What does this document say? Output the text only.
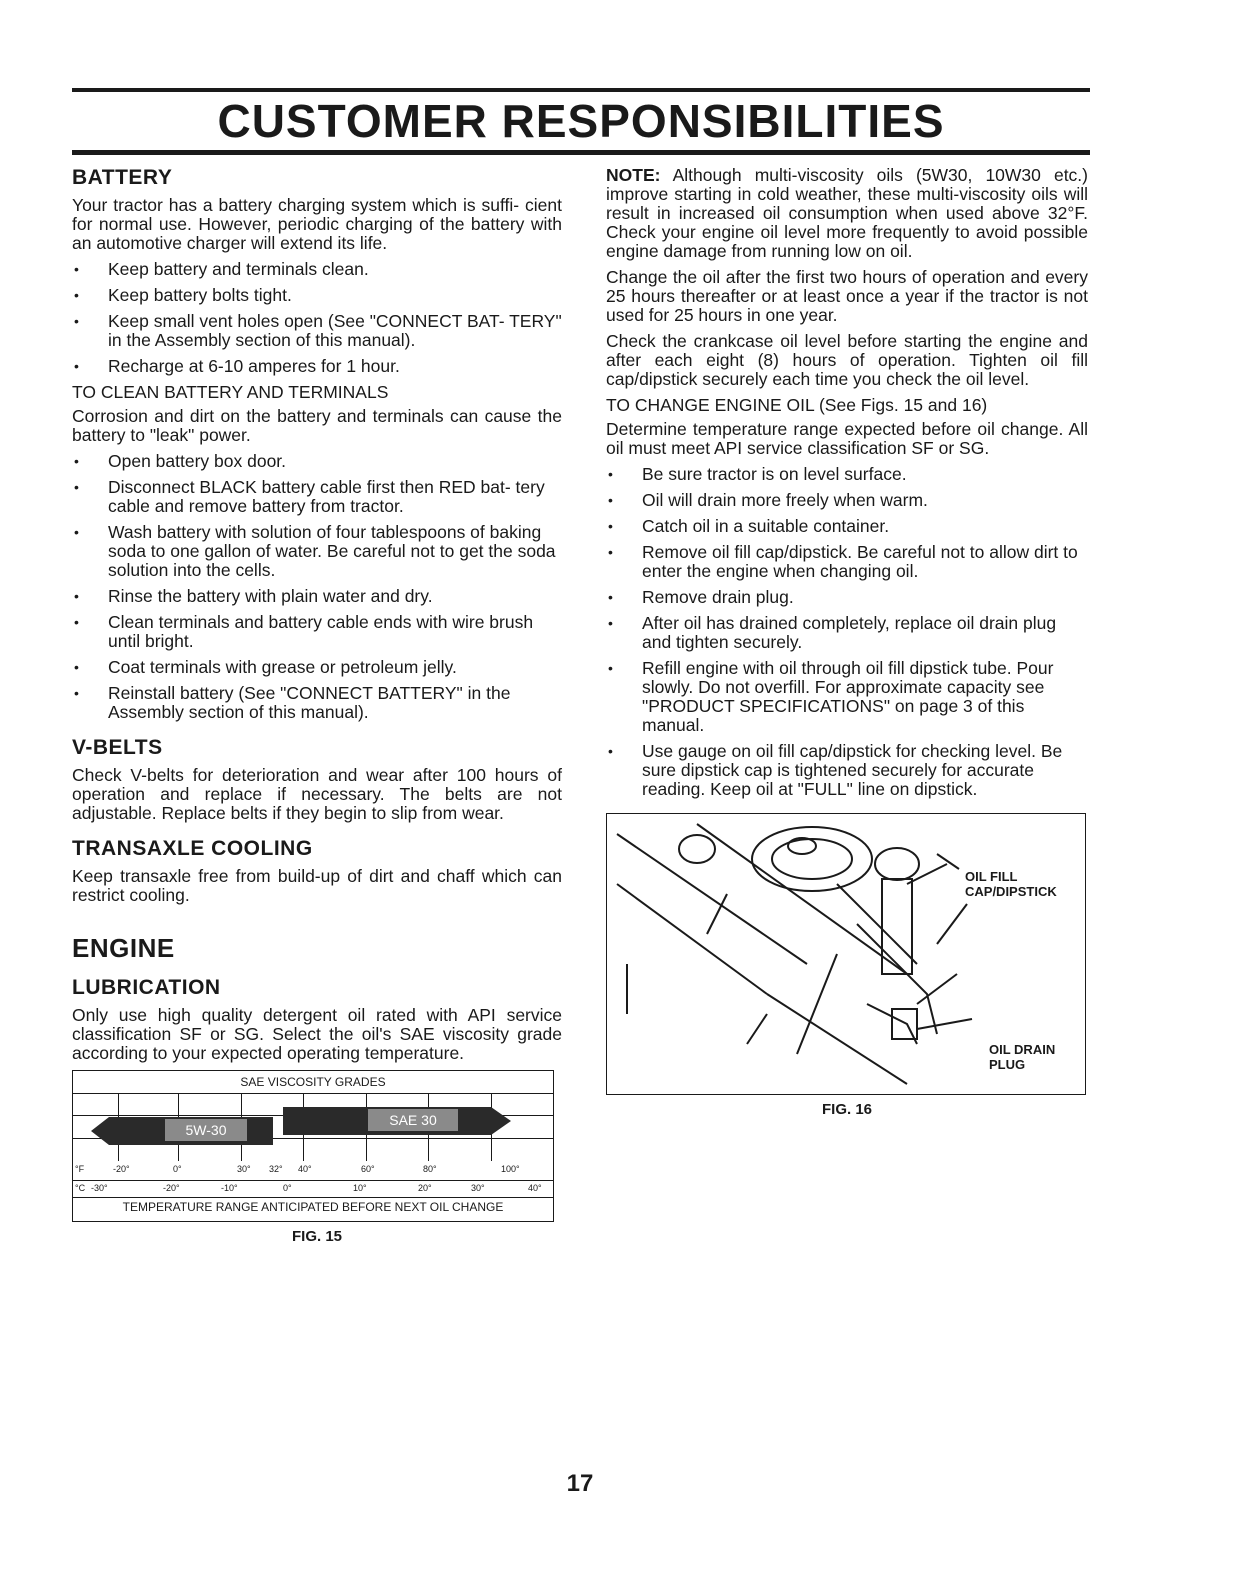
CUSTOMER RESPONSIBILITIES
BATTERY

Your tractor has a battery charging system which is suffi- cient for normal use. However, periodic charging of the battery with an automotive charger will extend its life.

• Keep battery and terminals clean.
• Keep battery bolts tight.
• Keep small vent holes open (See "CONNECT BAT- TERY" in the Assembly section of this manual).
• Recharge at 6-10 amperes for 1 hour.

TO CLEAN BATTERY AND TERMINALS

Corrosion and dirt on the battery and terminals can cause the battery to "leak" power.

• Open battery box door.
• Disconnect BLACK battery cable first then RED bat- tery cable and remove battery from tractor.
• Wash battery with solution of four tablespoons of baking soda to one gallon of water. Be careful not to get the soda solution into the cells.
• Rinse the battery with plain water and dry.
• Clean terminals and battery cable ends with wire brush until bright.
• Coat terminals with grease or petroleum jelly.
• Reinstall battery (See "CONNECT BATTERY" in the Assembly section of this manual).
V-BELTS

Check V-belts for deterioration and wear after 100 hours of operation and replace if necessary. The belts are not adjustable. Replace belts if they begin to slip from wear.

TRANSAXLE COOLING

Keep transaxle free from build-up of dirt and chaff which can restrict cooling.

ENGINE
LUBRICATION

Only use high quality detergent oil rated with API service classification SF or SG. Select the oil's SAE viscosity grade according to your expected operating temperature.

SAE VISCOSITY GRADES
SAE 30
5W-30
°F	-20°	0°	30° 32° 40°	60°	80°	100°
°C -30°	-20°	-10°	0°	10°	20°	30°	40°
TEMPERATURE RANGE ANTICIPATED BEFORE NEXT OIL CHANGE
FIG. 15

NOTE: Although multi-viscosity oils (5W30, 10W30 etc.) improve starting in cold weather, these multi-viscosity oils will result in increased oil consumption when used above 32°F. Check your engine oil level more frequently to avoid possible engine damage from running low on oil.

Change the oil after the first two hours of operation and every 25 hours thereafter or at least once a year if the tractor is not used for 25 hours in one year.

Check the crankcase oil level before starting the engine and after each eight (8) hours of operation. Tighten oil fill cap/dipstick securely each time you check the oil level.

TO CHANGE ENGINE OIL (See Figs. 15 and 16)

Determine temperature range expected before oil change. All oil must meet API service classification SF or SG.

• Be sure tractor is on level surface.
• Oil will drain more freely when warm.
• Catch oil in a suitable container.
• Remove oil fill cap/dipstick. Be careful not to allow dirt to enter the engine when changing oil.
• Remove drain plug.
• After oil has drained completely, replace oil drain plug and tighten securely.
• Refill engine with oil through oil fill dipstick tube. Pour slowly. Do not overfill. For approximate capacity see "PRODUCT SPECIFICATIONS" on page 3 of this manual.
• Use gauge on oil fill cap/dipstick for checking level. Be sure dipstick cap is tightened securely for accurate reading. Keep oil at "FULL" line on dipstick.
OIL FILL
CAP/DIPSTICK
OIL DRAIN
PLUG
FIG. 16
17
